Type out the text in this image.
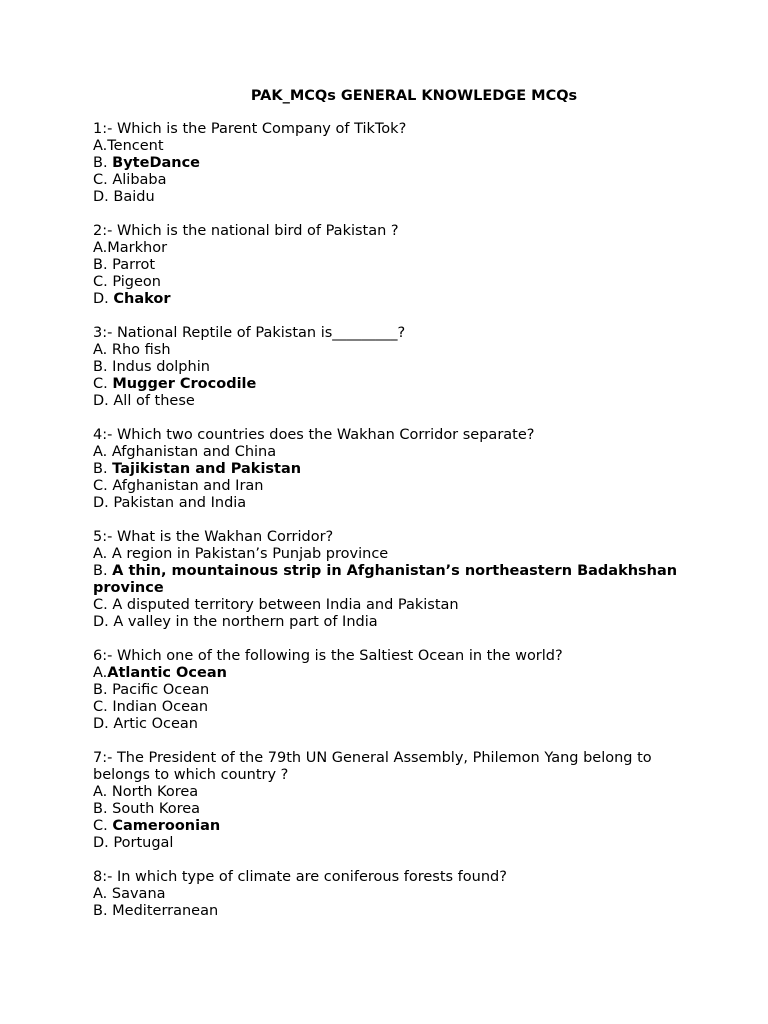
PAK_MCQs GENERAL KNOWLEDGE MCQs
1:- Which is the Parent Company of TikTok?
A.Tencent
B. ByteDance
C. Alibaba
D. Baidu
2:- Which is the national bird of Pakistan ?
A.Markhor
B. Parrot
C. Pigeon
D. Chakor
3:- National Reptile of Pakistan is_________?
A. Rho fish
B. Indus dolphin
C. Mugger Crocodile
D. All of these
4:- Which two countries does the Wakhan Corridor separate?
A. Afghanistan and China
B. Tajikistan and Pakistan
C. Afghanistan and Iran
D. Pakistan and India
5:- What is the Wakhan Corridor?
A. A region in Pakistan’s Punjab province
B. A thin, mountainous strip in Afghanistan’s northeastern Badakhshan province
C. A disputed territory between India and Pakistan
D. A valley in the northern part of India
6:- Which one of the following is the Saltiest Ocean in the world?
A.Atlantic Ocean
B. Pacific Ocean
C. Indian Ocean
D. Artic Ocean
7:- The President of the 79th UN General Assembly, Philemon Yang belong to belongs to which country ?
A. North Korea
B. South Korea
C. Cameroonian
D. Portugal
8:- In which type of climate are coniferous forests found?
A. Savana
B. Mediterranean
